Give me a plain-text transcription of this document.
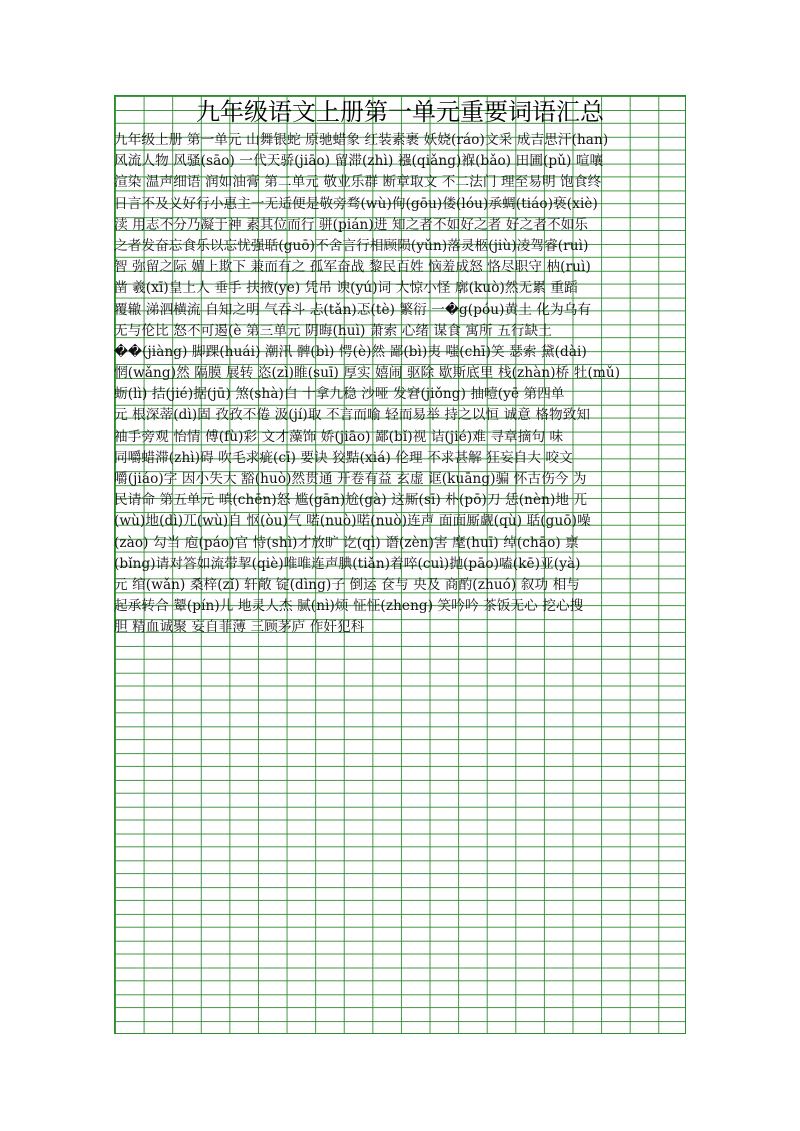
九年级语文上册第一单元重要词语汇总
九年级上册 第一单元 山舞银蛇 原驰蜡象 红装素裹 妖娆(ráo)文采 成吉思汗(han)
风流人物 风骚(sāo) 一代天骄(jiāo) 留滞(zhì) 襁(qiǎng)褓(bǎo) 田圃(pǔ) 喧嚷
渲染 温声细语 润如油膏 第二单元 敬业乐群 断章取文 不二法门 理至易明 饱食终
日言不及义好行小惠主一无适便是敬旁骛(wù)佝(gōu)偻(lóu)承蜩(tiáo)亵(xiè)
渎 用志不分乃凝于神 素其位而行 骈(pián)进 知之者不如好之者 好之者不如乐
之者发奋忘食乐以忘忧强聒(guō)不舍言行相顾陨(yǔn)落灵柩(jiù)凌驾睿(ruì)
智 弥留之际 媚上欺下 兼而有之 孤军奋战 黎民百姓 恼羞成怒 恪尽职守 枘(ruì)
凿 羲(xī)皇上人 垂手 扶掖(ye) 凭吊 谀(yú)词 大惊小怪 廓(kuò)然无累 重蹈
覆辙 涕泗横流 自知之明 气吞斗 忐(tǎn)忑(tè) 繁衍 一�g(póu)黄土 化为乌有
无与伦比 怒不可遏(è 第三单元 阴晦(huì) 萧索 心绪 谋食 寓所 五行缺土
��(jiàng) 脚踝(huái) 潮汛 髀(bì) 愕(è)然 鄙(bì)夷 嗤(chī)笑 瑟索 黛(dài)
惘(wǎng)然 隔膜 展转 恣(zì)睢(suī) 厚实 嬉闹 驱除 歇斯底里 栈(zhàn)桥 牡(mǔ)
蛎(lì) 拮(jié)据(jū) 煞(shà)白 十拿九稳 沙哑 发窘(jiǒng) 抽噎(yē 第四单
元 根深蒂(dì)固 孜孜不倦 汲(jí)取 不言而喻 轻而易举 持之以恒 诚意 格物致知
袖手旁观 怡情 傅(fù)彩 文才藻饰 娇(jiāo) 鄙(bǐ)视 诘(jié)难 寻章摘句 味
同嚼蜡滞(zhì)碍 吹毛求疵(cī) 要诀 狡黠(xiá) 伦理 不求甚解 狂妄自大 咬文
嚼(jiáo)字 因小失大 豁(huò)然贯通 开卷有益 玄虚 诓(kuāng)骗 怀古伤今 为
民请命 第五单元 嗔(chēn)怒 尴(gān)尬(gà) 这厮(sī) 朴(pō)刀 恁(nèn)地 兀
(wù)地(dì)兀(wù)自 怄(òu)气 喏(nuò)喏(nuò)连声 面面厮觑(qù) 聒(guō)噪
(zào) 勾当 庖(páo)官 恃(shì)才放旷 讫(qì) 谮(zèn)害 麾(huī) 绰(chāo) 禀
(bǐng)请对答如流带挈(qiè)唯唯连声腆(tiǎn)着啐(cuì)抛(pāo)嗑(kē)亚(yà)
元 绾(wǎn) 桑梓(zǐ) 轩敞 锭(dìng)子 倒运 奁与 央及 商酌(zhuó) 叙功 相与
起承转合 颦(pín)儿 地灵人杰 腻(nì)烦 怔怔(zheng) 笑吟吟 茶饭无心 挖心搜
胆 精血诚聚 妄自菲薄 三顾茅庐 作奸犯科
